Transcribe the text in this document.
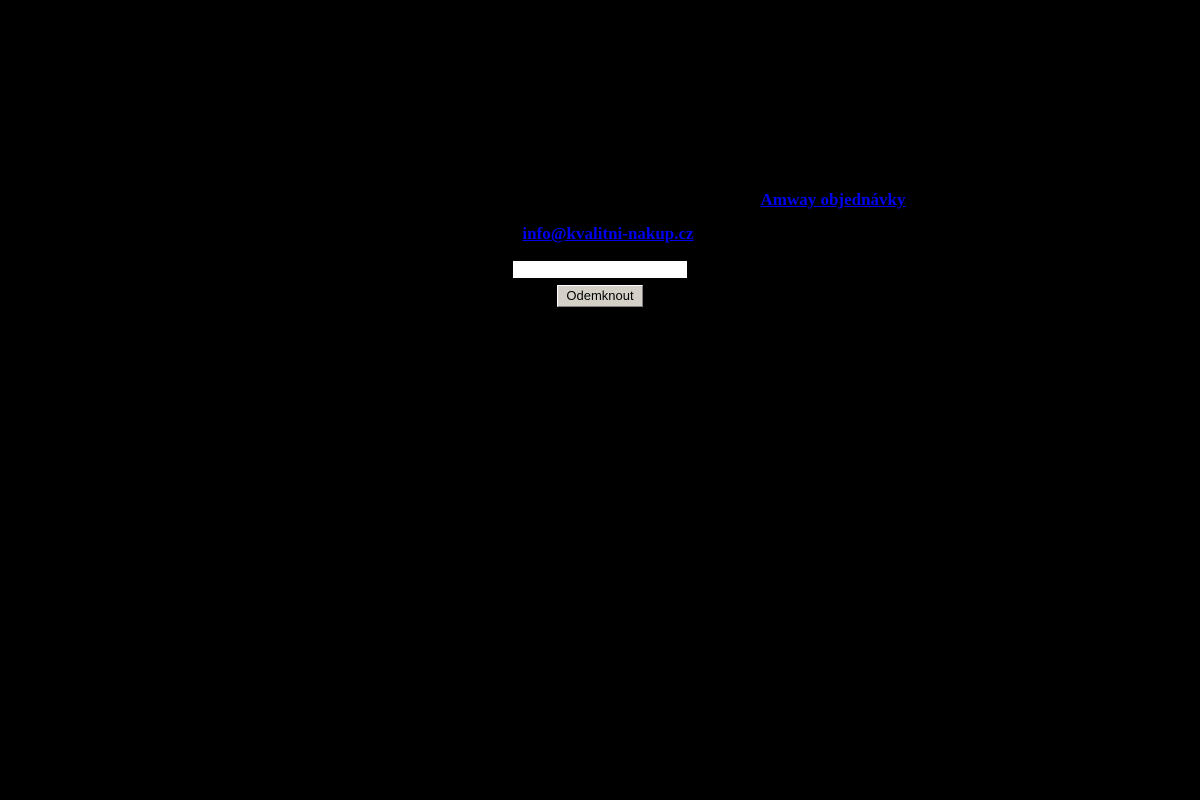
Amway objednávky
info@kvalitni-nakup.cz
Odemknout
